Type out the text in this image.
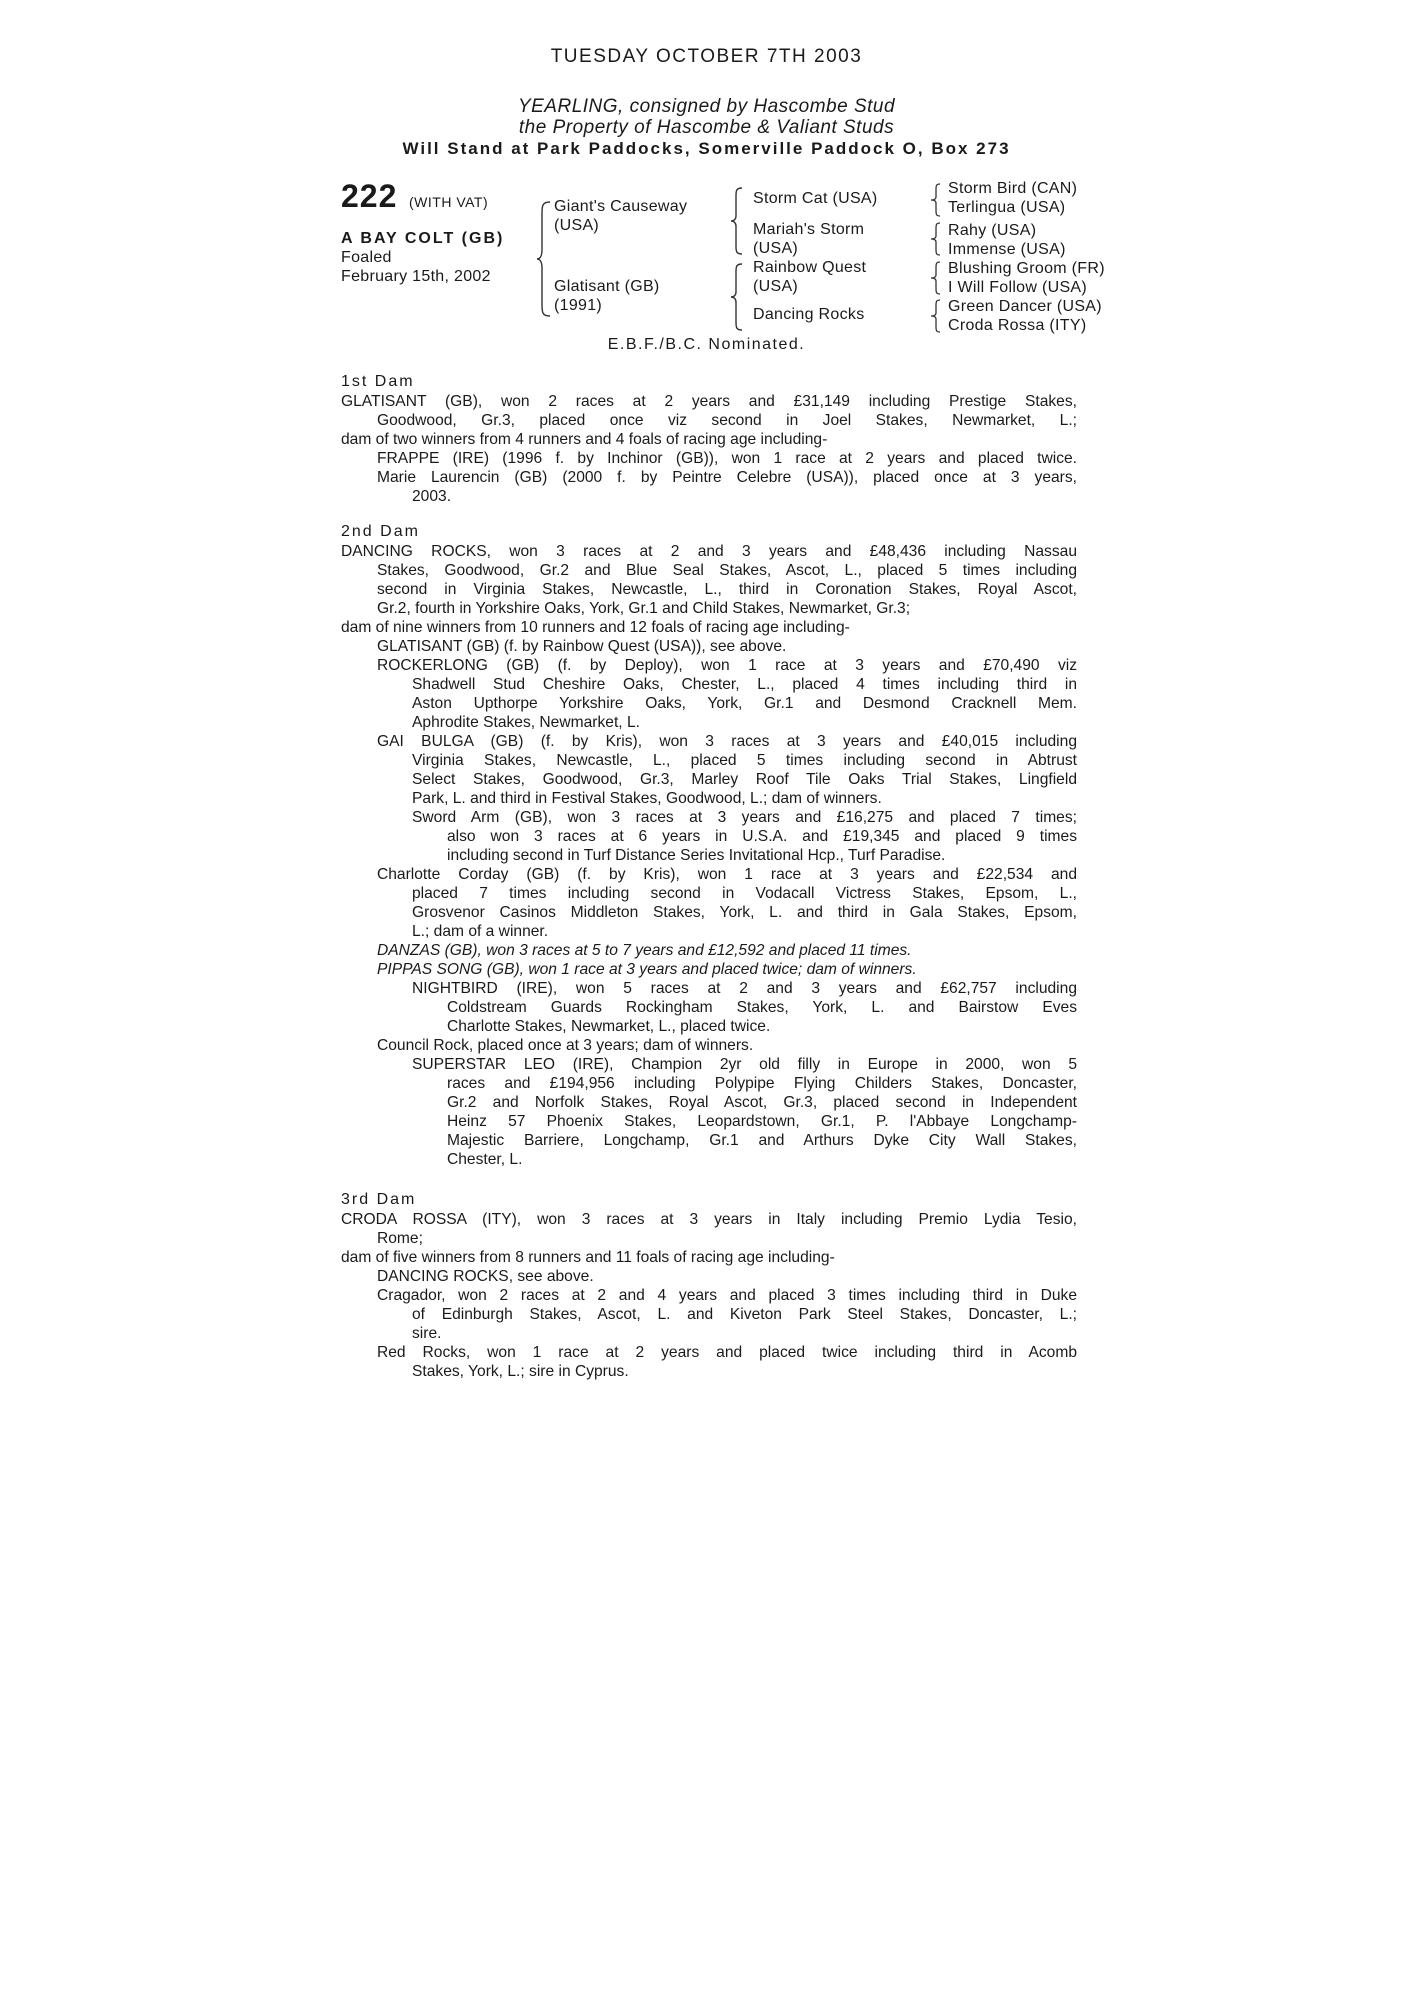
TUESDAY OCTOBER 7TH 2003
YEARLING, consigned by Hascombe Stud
the Property of Hascombe & Valiant Studs
Will Stand at Park Paddocks, Somerville Paddock O, Box 273
222 (WITH VAT)
A BAY COLT (GB)
Foaled
February 15th, 2002
Giant's Causeway
(USA)
Glatisant (GB)
(1991)
Storm Cat (USA)
Mariah's Storm
(USA)
Rainbow Quest
(USA)
Dancing Rocks
Storm Bird (CAN)
Terlingua (USA)
Rahy (USA)
Immense (USA)
Blushing Groom (FR)
I Will Follow (USA)
Green Dancer (USA)
Croda Rossa (ITY)
E.B.F./B.C. Nominated.
1st Dam
GLATISANT (GB), won 2 races at 2 years and £31,149 including Prestige Stakes,
Goodwood, Gr.3, placed once viz second in Joel Stakes, Newmarket, L.;
dam of two winners from 4 runners and 4 foals of racing age including-
FRAPPE (IRE) (1996 f. by Inchinor (GB)), won 1 race at 2 years and placed twice.
Marie Laurencin (GB) (2000 f. by Peintre Celebre (USA)), placed once at 3 years,
2003.
2nd Dam
DANCING ROCKS, won 3 races at 2 and 3 years and £48,436 including Nassau
Stakes, Goodwood, Gr.2 and Blue Seal Stakes, Ascot, L., placed 5 times including
second in Virginia Stakes, Newcastle, L., third in Coronation Stakes, Royal Ascot,
Gr.2, fourth in Yorkshire Oaks, York, Gr.1 and Child Stakes, Newmarket, Gr.3;
dam of nine winners from 10 runners and 12 foals of racing age including-
GLATISANT (GB) (f. by Rainbow Quest (USA)), see above.
ROCKERLONG (GB) (f. by Deploy), won 1 race at 3 years and £70,490 viz
Shadwell Stud Cheshire Oaks, Chester, L., placed 4 times including third in
Aston Upthorpe Yorkshire Oaks, York, Gr.1 and Desmond Cracknell Mem.
Aphrodite Stakes, Newmarket, L.
GAI BULGA (GB) (f. by Kris), won 3 races at 3 years and £40,015 including
Virginia Stakes, Newcastle, L., placed 5 times including second in Abtrust
Select Stakes, Goodwood, Gr.3, Marley Roof Tile Oaks Trial Stakes, Lingfield
Park, L. and third in Festival Stakes, Goodwood, L.; dam of winners.
Sword Arm (GB), won 3 races at 3 years and £16,275 and placed 7 times;
also won 3 races at 6 years in U.S.A. and £19,345 and placed 9 times
including second in Turf Distance Series Invitational Hcp., Turf Paradise.
Charlotte Corday (GB) (f. by Kris), won 1 race at 3 years and £22,534 and
placed 7 times including second in Vodacall Victress Stakes, Epsom, L.,
Grosvenor Casinos Middleton Stakes, York, L. and third in Gala Stakes, Epsom,
L.; dam of a winner.
DANZAS (GB), won 3 races at 5 to 7 years and £12,592 and placed 11 times.
PIPPAS SONG (GB), won 1 race at 3 years and placed twice; dam of winners.
NIGHTBIRD (IRE), won 5 races at 2 and 3 years and £62,757 including
Coldstream Guards Rockingham Stakes, York, L. and Bairstow Eves
Charlotte Stakes, Newmarket, L., placed twice.
Council Rock, placed once at 3 years; dam of winners.
SUPERSTAR LEO (IRE), Champion 2yr old filly in Europe in 2000, won 5
races and £194,956 including Polypipe Flying Childers Stakes, Doncaster,
Gr.2 and Norfolk Stakes, Royal Ascot, Gr.3, placed second in Independent
Heinz 57 Phoenix Stakes, Leopardstown, Gr.1, P. l'Abbaye Longchamp-
Majestic Barriere, Longchamp, Gr.1 and Arthurs Dyke City Wall Stakes,
Chester, L.
3rd Dam
CRODA ROSSA (ITY), won 3 races at 3 years in Italy including Premio Lydia Tesio,
Rome;
dam of five winners from 8 runners and 11 foals of racing age including-
DANCING ROCKS, see above.
Cragador, won 2 races at 2 and 4 years and placed 3 times including third in Duke
of Edinburgh Stakes, Ascot, L. and Kiveton Park Steel Stakes, Doncaster, L.;
sire.
Red Rocks, won 1 race at 2 years and placed twice including third in Acomb
Stakes, York, L.; sire in Cyprus.
